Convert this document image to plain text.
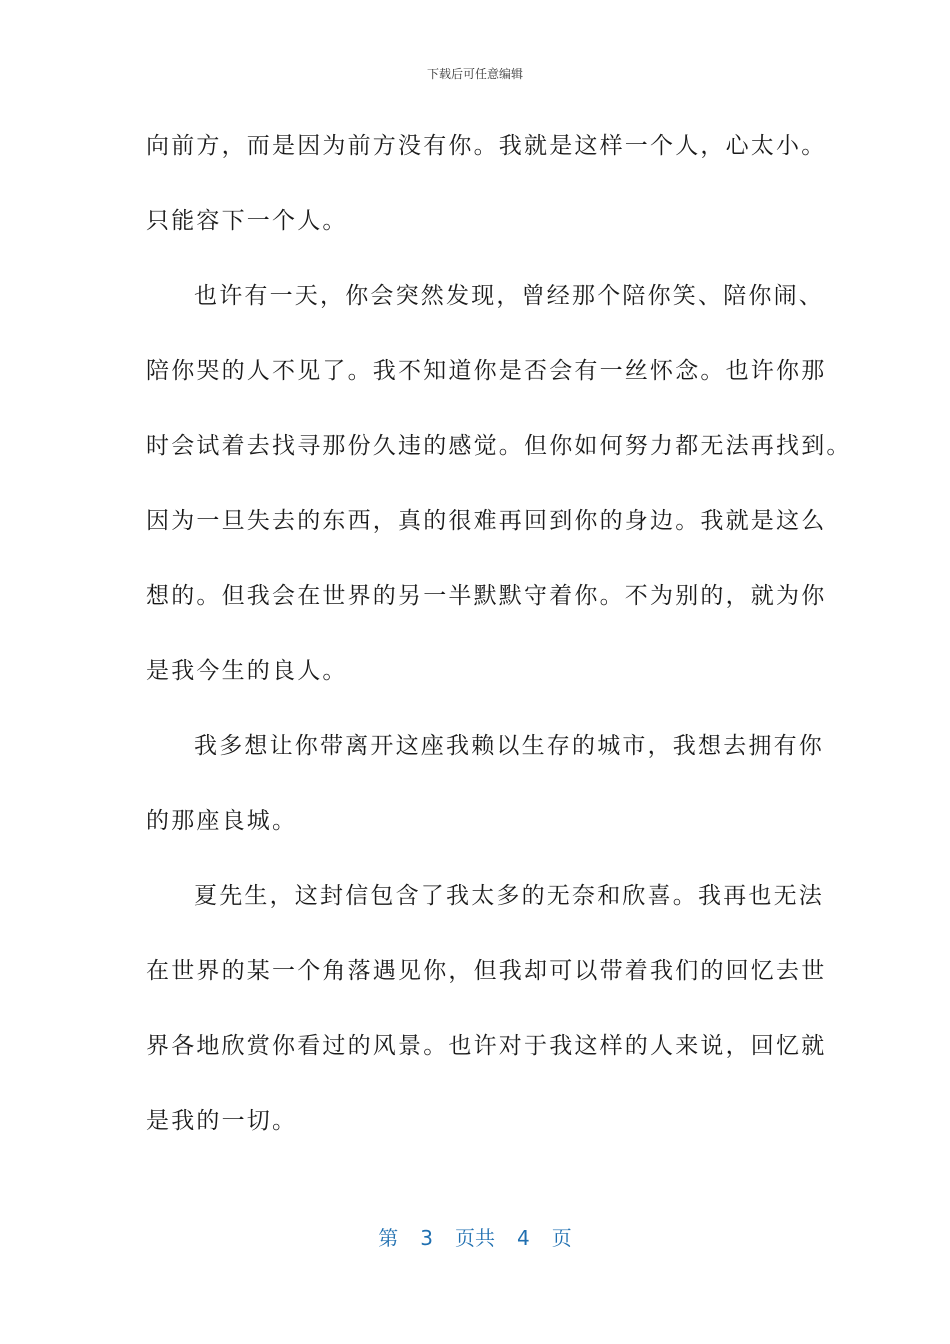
下载后可任意编辑
向前方，而是因为前方没有你。我就是这样一个人，心太小。
只能容下一个人。
也许有一天，你会突然发现，曾经那个陪你笑、陪你闹、
陪你哭的人不见了。我不知道你是否会有一丝怀念。也许你那
时会试着去找寻那份久违的感觉。但你如何努力都无法再找到。
因为一旦失去的东西，真的很难再回到你的身边。我就是这么
想的。但我会在世界的另一半默默守着你。不为别的，就为你
是我今生的良人。
我多想让你带离开这座我赖以生存的城市，我想去拥有你
的那座良城。
夏先生，这封信包含了我太多的无奈和欣喜。我再也无法
在世界的某一个角落遇见你，但我却可以带着我们的回忆去世
界各地欣赏你看过的风景。也许对于我这样的人来说，回忆就
是我的一切。
第 3 页共 4 页
